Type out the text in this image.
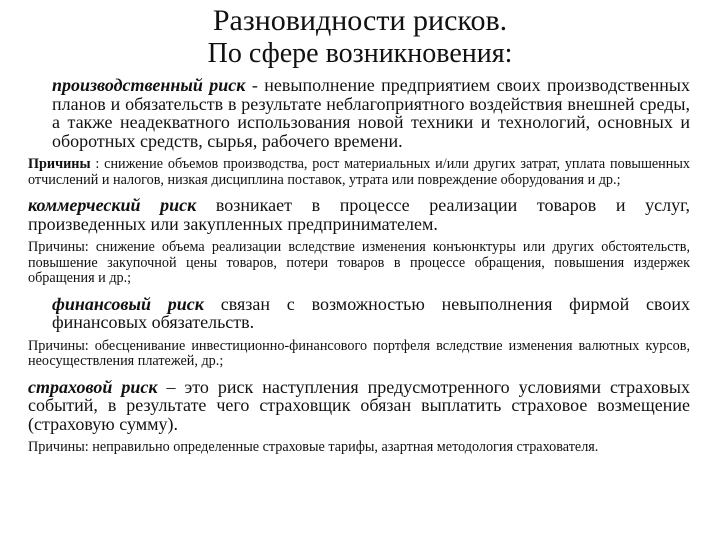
Разновидности рисков.
По сфере возникновения:

производственный риск - невыполнение предприятием своих производственных планов и обязательств в результате неблагоприятного воздействия внешней среды, а также неадекватного использования новой техники и технологий, основных и оборотных средств, сырья, рабочего времени.

Причины : снижение объемов производства, рост материальных и/или других затрат, уплата повышенных отчислений и налогов, низкая дисциплина поставок, утрата или повреждение оборудования и др.;

коммерческий риск возникает в процессе реализации товаров и услуг, произведенных или закупленных предпринимателем.

Причины: снижение объема реализации вследствие изменения конъюнктуры или других обстоятельств, повышение закупочной цены товаров, потери товаров в процессе обращения, повышения издержек обращения и др.;

финансовый риск связан с возможностью невыполнения фирмой своих финансовых обязательств.

Причины: обесценивание инвестиционно-финансового портфеля вследствие изменения валютных курсов, неосуществления платежей, др.;

страховой риск – это риск наступления предусмотренного условиями страховых событий, в результате чего страховщик обязан выплатить страховое возмещение (страховую сумму).

Причины: неправильно определенные страховые тарифы, азартная методология страхователя.
